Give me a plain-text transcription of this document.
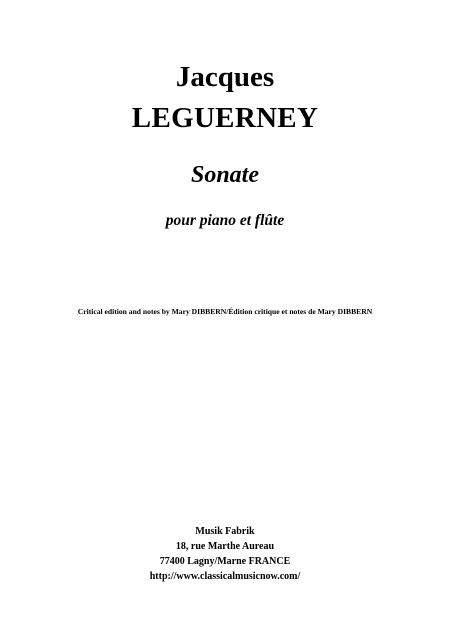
Jacques
LEGUERNEY
Sonate
pour piano et flûte
Critical edition and notes by Mary DIBBERN/Édition critique et notes de Mary DIBBERN
Musik Fabrik
18, rue Marthe Aureau
77400 Lagny/Marne FRANCE
http://www.classicalmusicnow.com/
